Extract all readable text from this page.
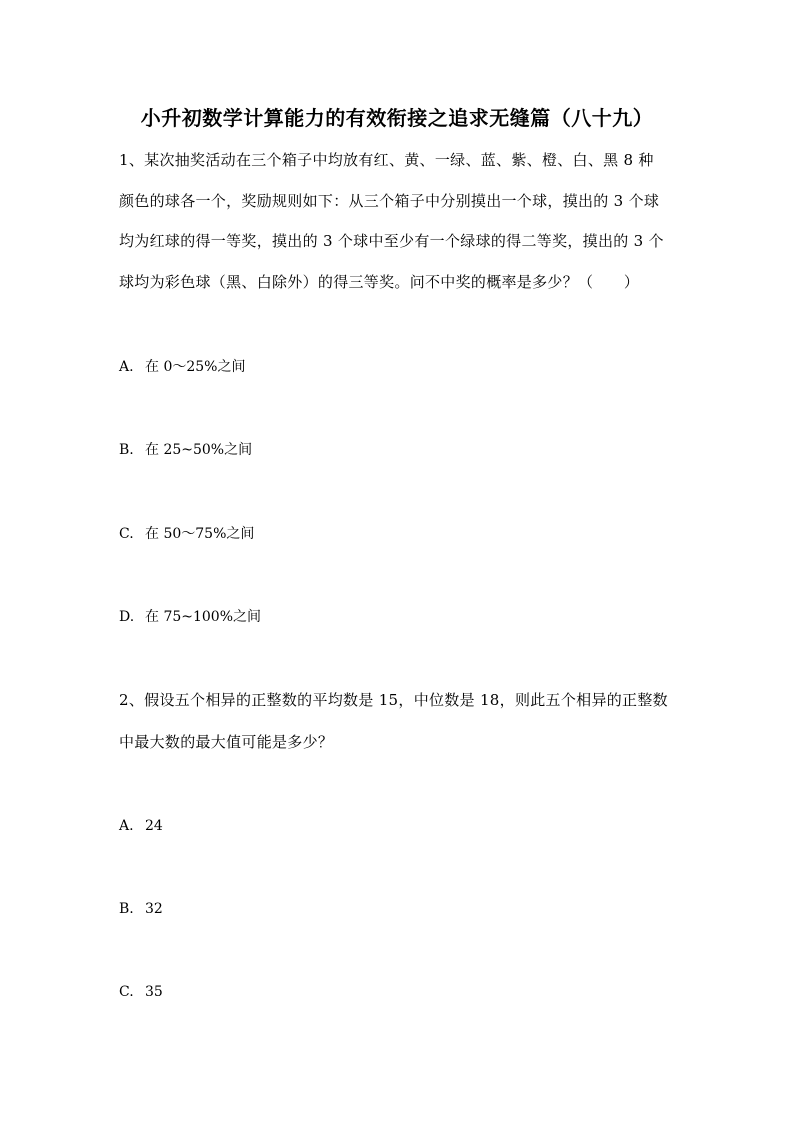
小升初数学计算能力的有效衔接之追求无缝篇（八十九）
1、某次抽奖活动在三个箱子中均放有红、黄、一绿、蓝、紫、橙、白、黑 8 种
颜色的球各一个，奖励规则如下：从三个箱子中分别摸出一个球，摸出的 3 个球
均为红球的得一等奖，摸出的 3 个球中至少有一个绿球的得二等奖，摸出的 3 个
球均为彩色球（黑、白除外）的得三等奖。问不中奖的概率是多少？（　　）
A. 在 0～25%之间
B. 在 25~50%之间
C. 在 50～75%之间
D. 在 75~100%之间
2、假设五个相异的正整数的平均数是 15，中位数是 18，则此五个相异的正整数
中最大数的最大值可能是多少？
A. 24
B. 32
C. 35
